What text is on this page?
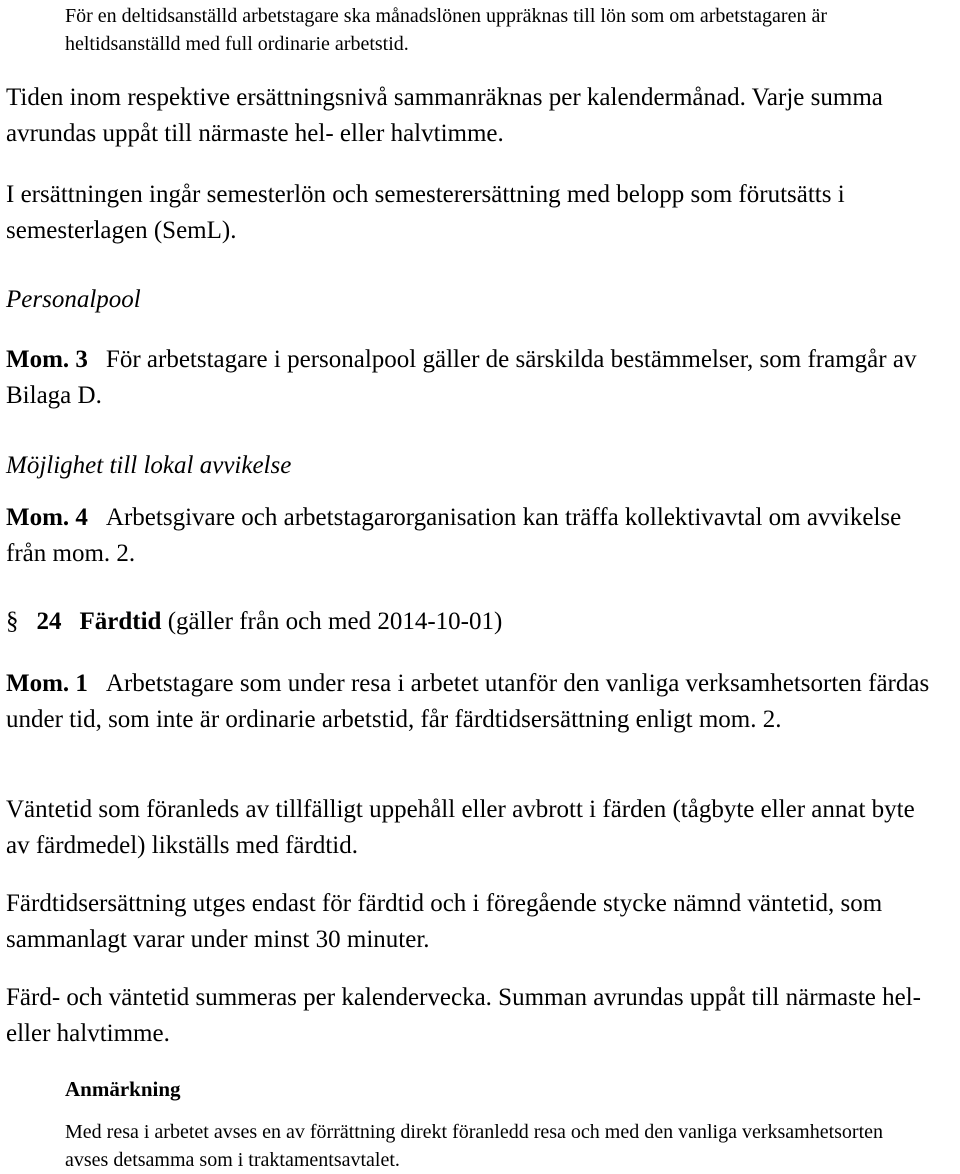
För en deltidsanställd arbetstagare ska månadslönen uppräknas till lön som om arbetstagaren är heltidsanställd med full ordinarie arbetstid.

Tiden inom respektive ersättningsnivå sammanräknas per kalendermånad. Varje summa avrundas uppåt till närmaste hel- eller halvtimme.

I ersättningen ingår semesterlön och semesterersättning med belopp som förutsätts i semesterlagen (SemL).

Personalpool

Mom. 3 För arbetstagare i personalpool gäller de särskilda bestämmelser, som framgår av Bilaga D.

Möjlighet till lokal avvikelse

Mom. 4 Arbetsgivare och arbetstagarorganisation kan träffa kollektivavtal om avvikelse från mom. 2.

§ 24 Färdtid (gäller från och med 2014-10-01)

Mom. 1 Arbetstagare som under resa i arbetet utanför den vanliga verksamhetsorten färdas under tid, som inte är ordinarie arbetstid, får färdtidsersättning enligt mom. 2.

Väntetid som föranleds av tillfälligt uppehåll eller avbrott i färden (tågbyte eller annat byte av färdmedel) likställs med färdtid.

Färdtidsersättning utges endast för färdtid och i föregående stycke nämnd väntetid, som sammanlagt varar under minst 30 minuter.

Färd- och väntetid summeras per kalendervecka. Summan avrundas uppåt till närmaste hel- eller halvtimme.

Anmärkning

Med resa i arbetet avses en av förrättning direkt föranledd resa och med den vanliga verksamhetsorten avses detsamma som i traktamentsavtalet.
